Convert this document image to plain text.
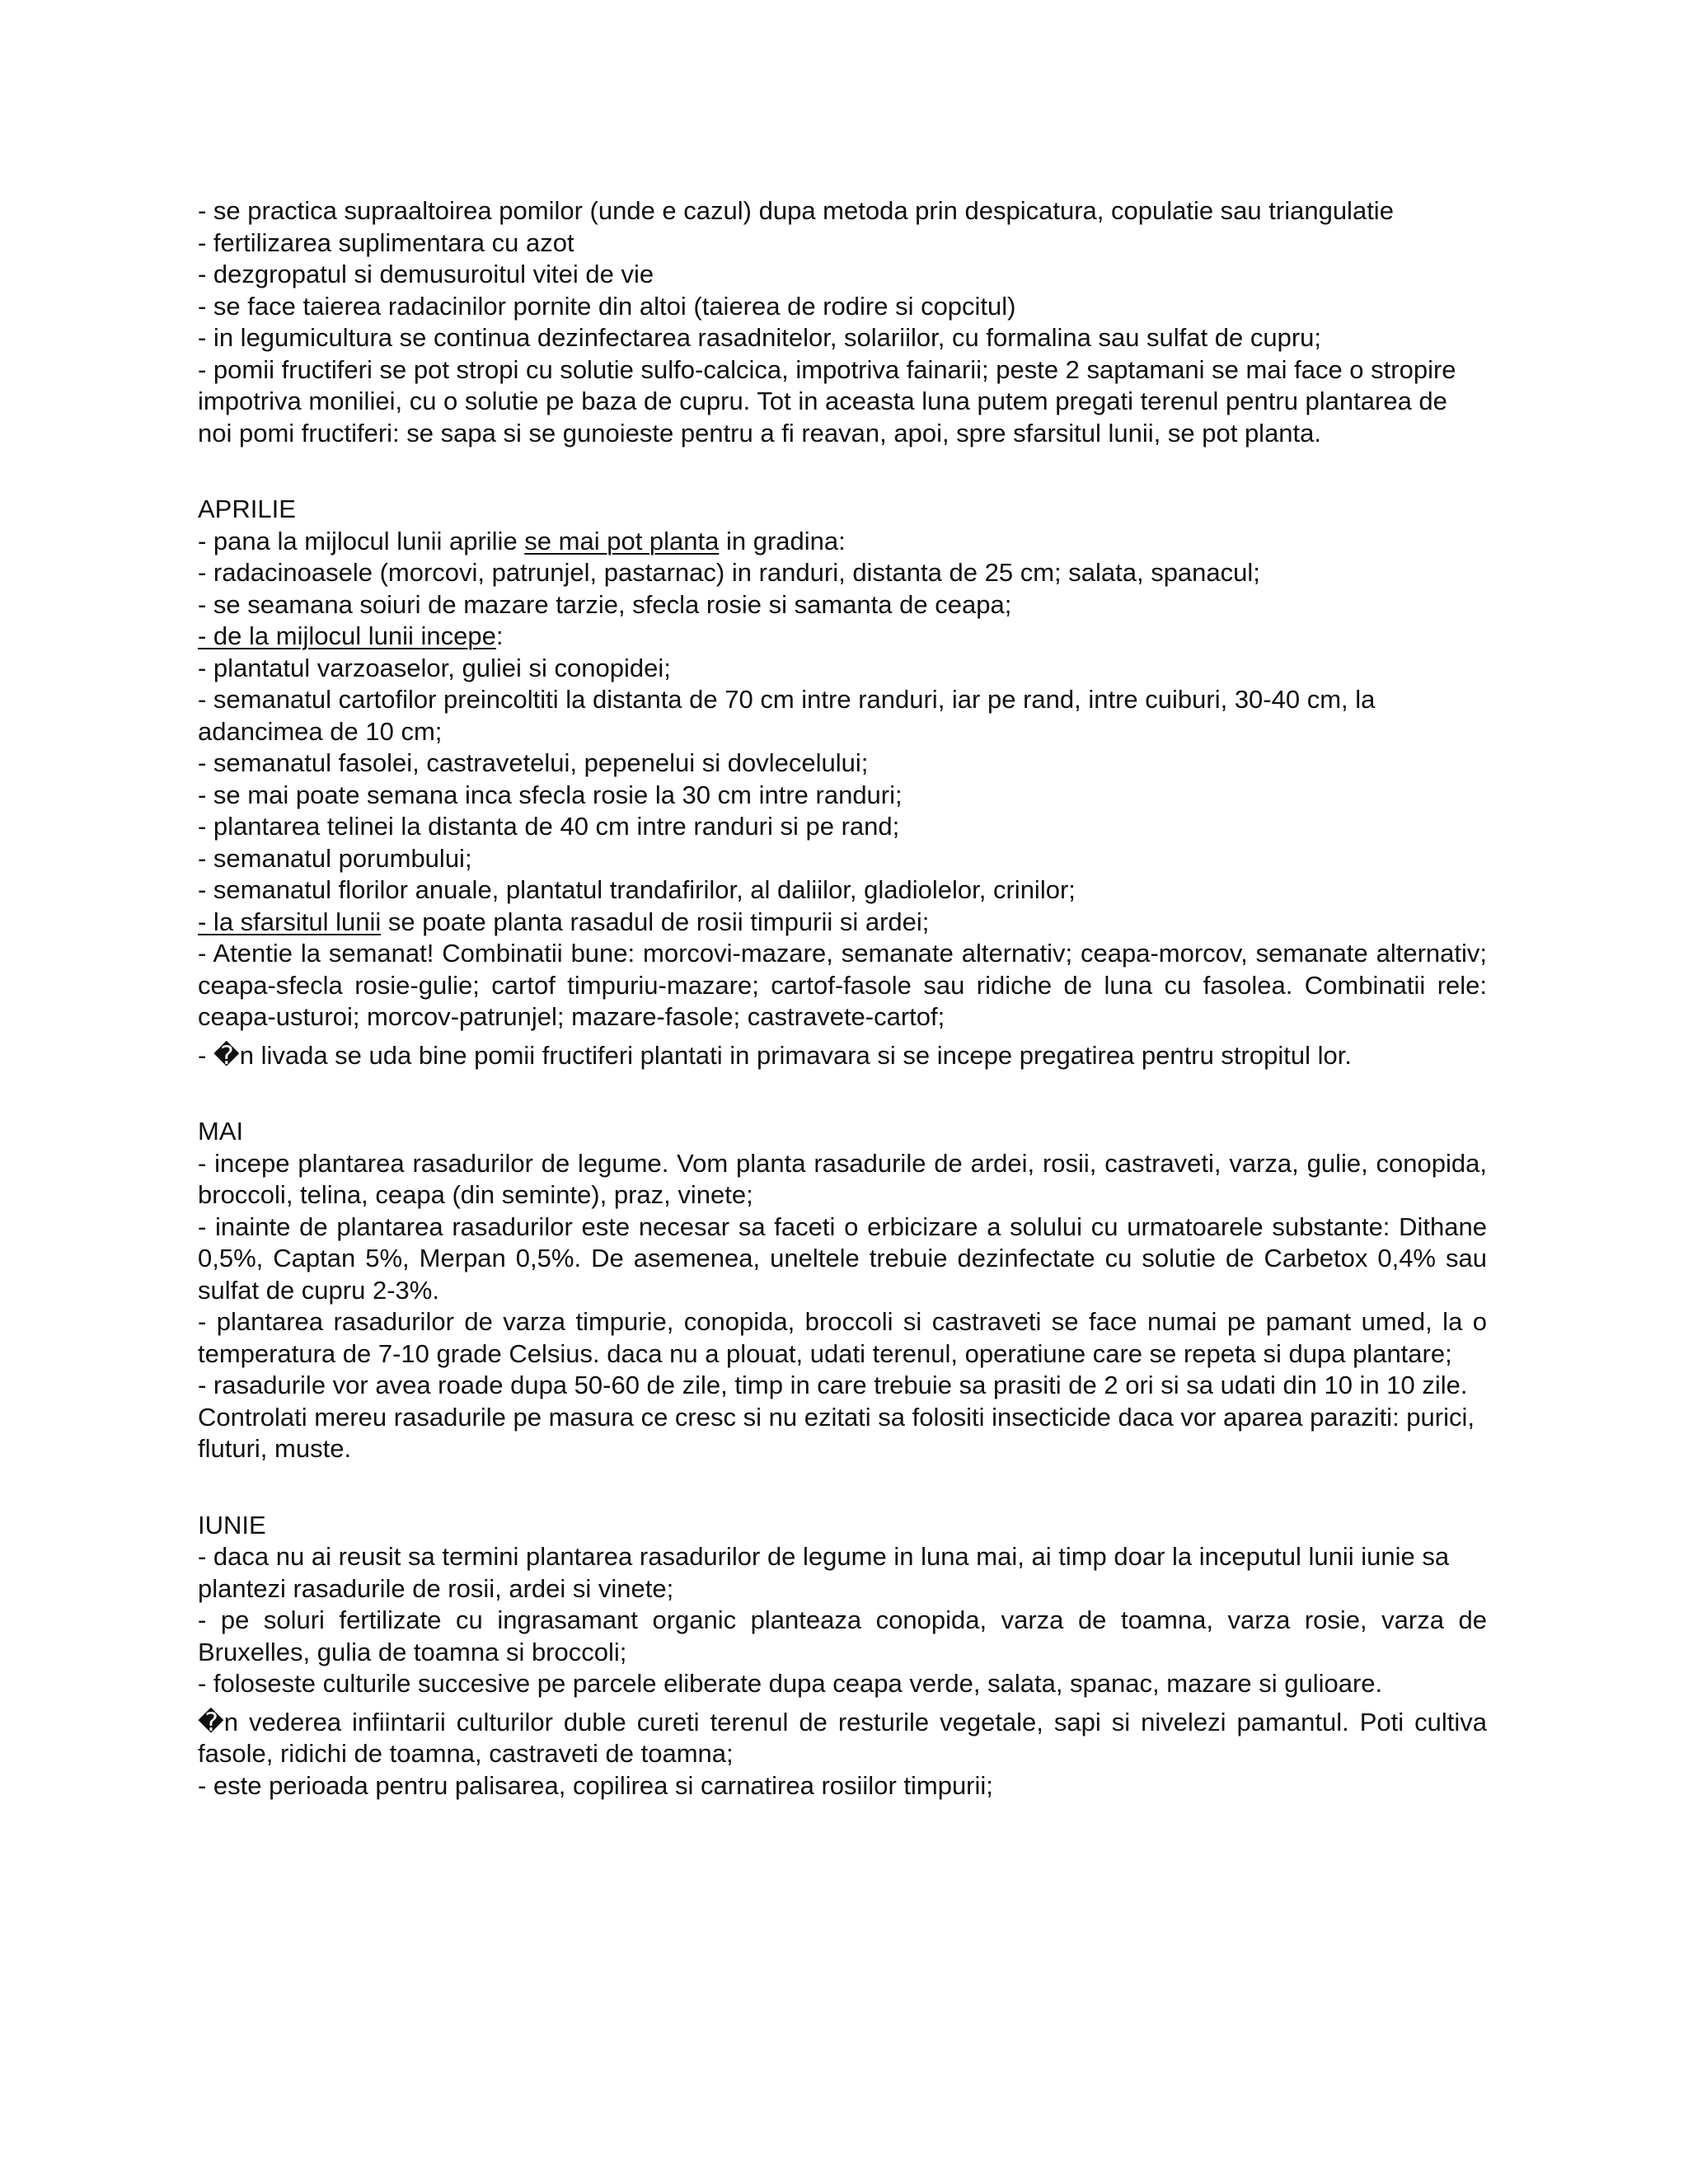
- se practica supraaltoirea pomilor (unde e cazul) dupa metoda prin despicatura, copulatie sau triangulatie

- fertilizarea suplimentara cu azot

- dezgropatul si demusuroitul vitei de vie

- se face taierea radacinilor pornite din altoi (taierea de rodire si copcitul)

- in legumicultura se continua dezinfectarea rasadnitelor, solariilor, cu formalina sau sulfat de cupru;

- pomii fructiferi se pot stropi cu solutie sulfo-calcica, impotriva fainarii; peste 2 saptamani se mai face o stropire impotriva moniliei, cu o solutie pe baza de cupru. Tot in aceasta luna putem pregati terenul pentru plantarea de noi pomi fructiferi: se sapa si se gunoieste pentru a fi reavan, apoi, spre sfarsitul lunii, se pot planta.

APRILIE

- pana la mijlocul lunii aprilie se mai pot planta in gradina:

- radacinoasele (morcovi, patrunjel, pastarnac) in randuri, distanta de 25 cm; salata, spanacul;

- se seamana soiuri de mazare tarzie, sfecla rosie si samanta de ceapa;

- de la mijlocul lunii incepe:

- plantatul varzoaselor, guliei si conopidei;

- semanatul cartofilor preincoltiti la distanta de 70 cm intre randuri, iar pe rand, intre cuiburi, 30-40 cm, la adancimea de 10 cm;

- semanatul fasolei, castravetelui, pepenelui si dovlecelului;

- se mai poate semana inca sfecla rosie la 30 cm intre randuri;

- plantarea telinei la distanta de 40 cm intre randuri si pe rand;

- semanatul porumbului;

- semanatul florilor anuale, plantatul trandafirilor, al daliilor, gladiolelor, crinilor;

- la sfarsitul lunii se poate planta rasadul de rosii timpurii si ardei;

- Atentie la semanat! Combinatii bune: morcovi-mazare, semanate alternativ; ceapa-morcov, semanate alternativ; ceapa-sfecla rosie-gulie; cartof timpuriu-mazare; cartof-fasole sau ridiche de luna cu fasolea. Combinatii rele: ceapa-usturoi; morcov-patrunjel; mazare-fasole; castravete-cartof;

- �n livada se uda bine pomii fructiferi plantati in primavara si se incepe pregatirea pentru stropitul lor.

MAI

- incepe plantarea rasadurilor de legume. Vom planta rasadurile de ardei, rosii, castraveti, varza, gulie, conopida, broccoli, telina, ceapa (din seminte), praz, vinete;

- inainte de plantarea rasadurilor este necesar sa faceti o erbicizare a solului cu urmatoarele substante: Dithane 0,5%, Captan 5%, Merpan 0,5%. De asemenea, uneltele trebuie dezinfectate cu solutie de Carbetox 0,4% sau sulfat de cupru 2-3%.

- plantarea rasadurilor de varza timpurie, conopida, broccoli si castraveti se face numai pe pamant umed, la o temperatura de 7-10 grade Celsius. daca nu a plouat, udati terenul, operatiune care se repeta si dupa plantare;

- rasadurile vor avea roade dupa 50-60 de zile, timp in care trebuie sa prasiti de 2 ori si sa udati din 10 in 10 zile. Controlati mereu rasadurile pe masura ce cresc si nu ezitati sa folositi insecticide daca vor aparea paraziti: purici, fluturi, muste.

IUNIE

- daca nu ai reusit sa termini plantarea rasadurilor de legume in luna mai, ai timp doar la inceputul lunii iunie sa plantezi rasadurile de rosii, ardei si vinete;

- pe soluri fertilizate cu ingrasamant organic planteaza conopida, varza de toamna, varza rosie, varza de Bruxelles, gulia de toamna si broccoli;

- foloseste culturile succesive pe parcele eliberate dupa ceapa verde, salata, spanac, mazare si gulioare.

�n vederea infiintarii culturilor duble cureti terenul de resturile vegetale, sapi si nivelezi pamantul. Poti cultiva fasole, ridichi de toamna, castraveti de toamna;

- este perioada pentru palisarea, copilirea si carnatirea rosiilor timpurii;
